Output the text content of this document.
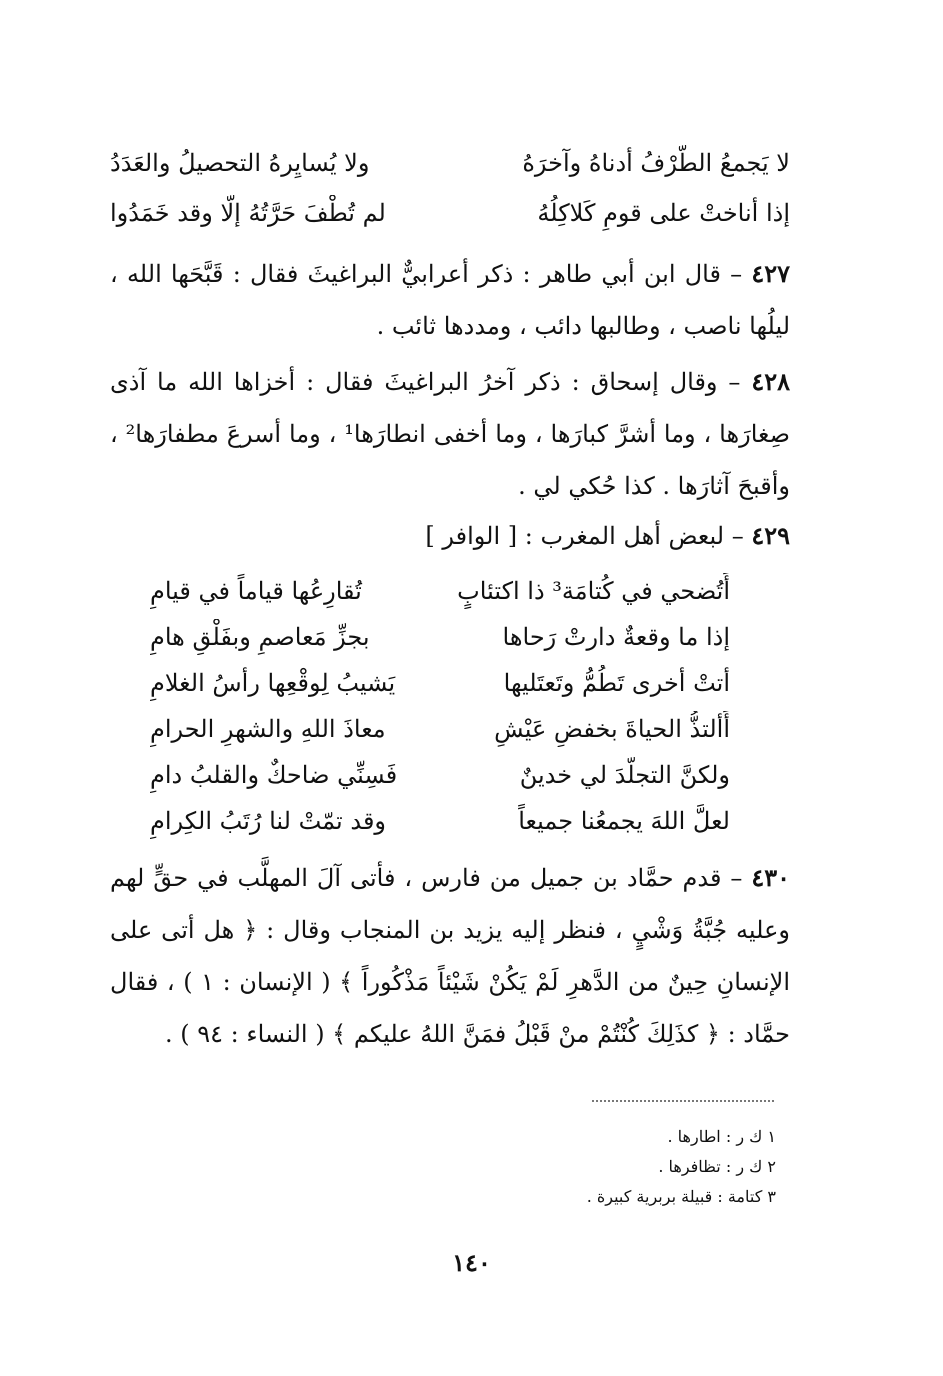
لا يَجمعُ الطَّرْفُ أدناهُ وآخرَهُ
ولا يُسايِرهُ التحصيلُ والعَدَدُ
إذا أناختْ على قومٍ كَلاكِلُهُ
لم تُطْفَ حَرَّتُهُ إلّا وقد خَمَدُوا
٤٢٧ – قال ابن أبي طاهر : ذكر أعرابيٌّ البراغيثَ فقال : قَبَّحَها الله ، ليلُها ناصب ، وطالبها دائب ، ومددها ثائب .
٤٢٨ – وقال إسحاق : ذكر آخرُ البراغيثَ فقال : أخزاها الله ما آذى صِغارَها ، وما أشرَّ كبارَها ، وما أخفى انطارَها¹ ، وما أسرعَ مطفارَها² ، وأقبحَ آثارَها . كذا حُكي لي .
٤٢٩ – لبعض أهل المغرب : [ الوافر ]
أَتُضحي في كُتامَة³ ذا اكتئابٍ
تُقارِعُها قياماً في قيامِ
إذا ما وقعةٌ دارتْ رَحاها
بجزِّ مَعاصمٍ وبفَلْقِ هامِ
أتتْ أخرى تَطُمُّ وتَعتَليها
يَشيبُ لِوقْعِها رأسُ الغلامِ
أَألتذُّ الحياةَ بخفضِ عَيْشٍ
معاذَ اللهِ والشهرِ الحرامِ
ولكنَّ التجلُّدَ لي خدينٌ
فَسِنِّي ضاحكٌ والقلبُ دامِ
لعلَّ اللهَ يجمعُنا جميعاً
وقد تمّتْ لنا رُتَبُ الكِرامِ
٤٣٠ – قدم حمَّاد بن جميل من فارس ، فأتى آلَ المهلَّب في حقٍّ لهم وعليه جُبَّةُ وَشْيٍ ، فنظر إليه يزيد بن المنجاب وقال : ﴿ هل أتى على الإنسانِ حِينٌ من الدَّهرِ لَمْ يَكُنْ شَيْئاً مَذْكُوراً ﴾ ( الإنسان : ١ ) ، فقال حمَّاد : ﴿ كذَلِكَ كُنْتُمْ منْ قَبْلُ فمَنَّ اللهُ عليكم ﴾ ( النساء : ٩٤ ) .
١ ك ر : اطارها .
٢ ك ر : تظافرها .
٣ كتامة : قبيلة بربرية كبيرة .
١٤٠
